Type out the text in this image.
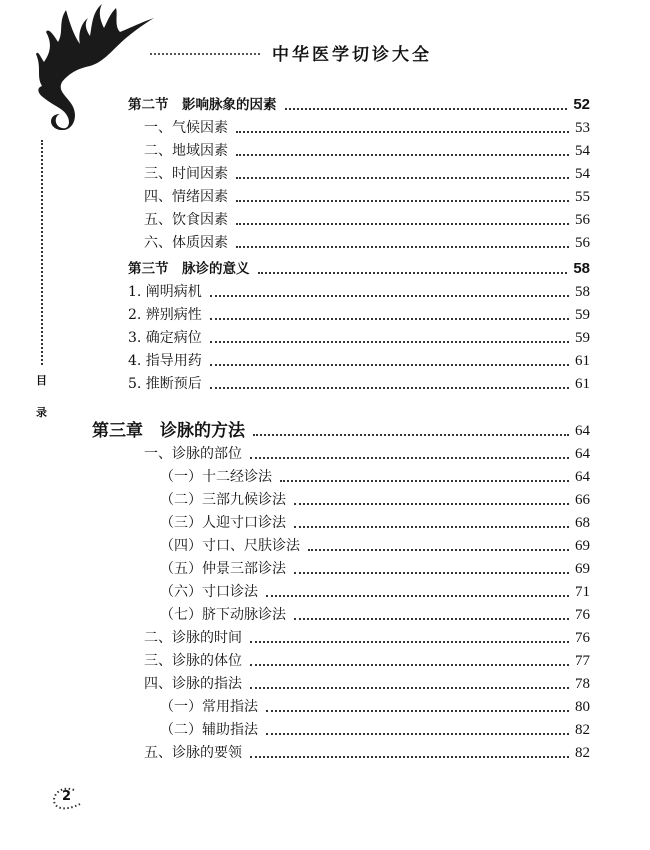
中华医学切诊大全
目
录
第二节　影响脉象的因素	52
一、气候因素	53
二、地域因素	54
三、时间因素	54
四、情绪因素	55
五、饮食因素	56
六、体质因素	56
第三节　脉诊的意义	58
1. 阐明病机	58
2. 辨别病性	59
3. 确定病位	59
4. 指导用药	61
5. 推断预后	61
第三章　诊脉的方法	64
一、诊脉的部位	64
（一）十二经诊法	64
（二）三部九候诊法	66
（三）人迎寸口诊法	68
（四）寸口、尺肤诊法	69
（五）仲景三部诊法	69
（六）寸口诊法	71
（七）脐下动脉诊法	76
二、诊脉的时间	76
三、诊脉的体位	77
四、诊脉的指法	78
（一）常用指法	80
（二）辅助指法	82
五、诊脉的要领	82
2
